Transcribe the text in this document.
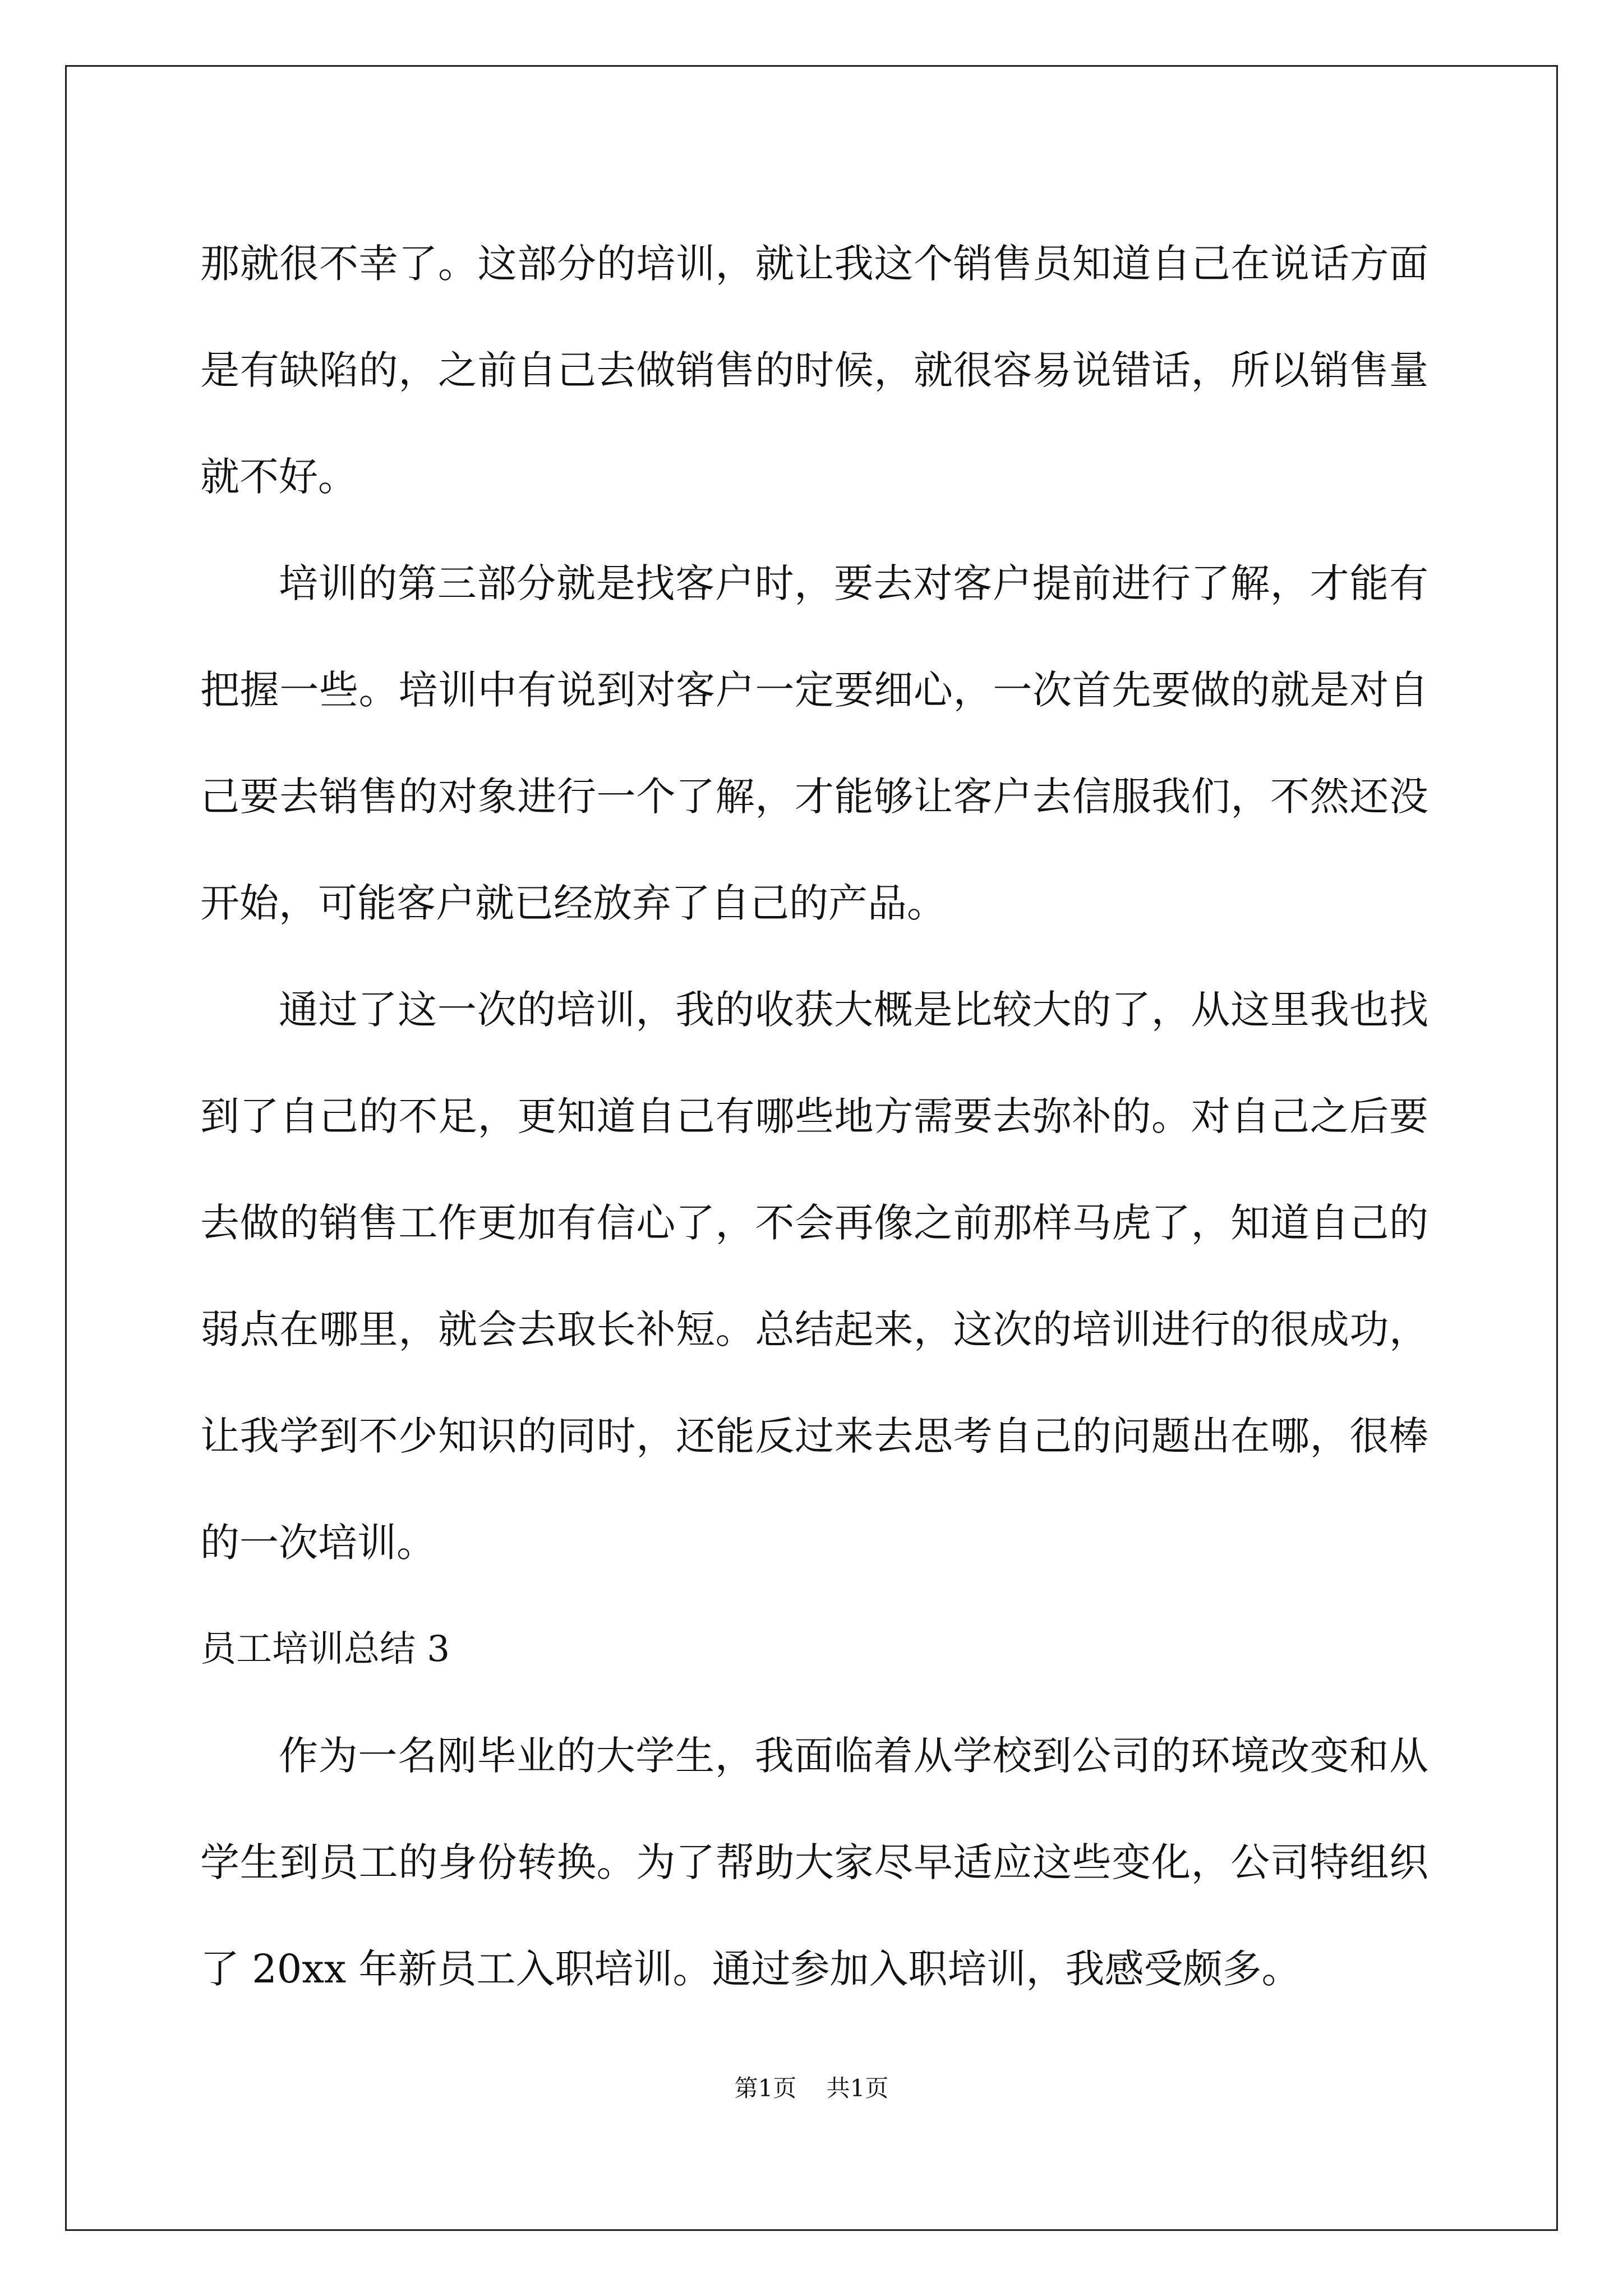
那就很不幸了。这部分的培训，就让我这个销售员知道自己在说话方面是有缺陷的，之前自己去做销售的时候，就很容易说错话，所以销售量就不好。

培训的第三部分就是找客户时，要去对客户提前进行了解，才能有把握一些。培训中有说到对客户一定要细心，一次首先要做的就是对自己要去销售的对象进行一个了解，才能够让客户去信服我们，不然还没开始，可能客户就已经放弃了自己的产品。

通过了这一次的培训，我的收获大概是比较大的了，从这里我也找到了自己的不足，更知道自己有哪些地方需要去弥补的。对自己之后要去做的销售工作更加有信心了，不会再像之前那样马虎了，知道自己的弱点在哪里，就会去取长补短。总结起来，这次的培训进行的很成功，让我学到不少知识的同时，还能反过来去思考自己的问题出在哪，很棒的一次培训。

员工培训总结 3

作为一名刚毕业的大学生，我面临着从学校到公司的环境改变和从学生到员工的身份转换。为了帮助大家尽早适应这些变化，公司特组织了 20xx 年新员工入职培训。通过参加入职培训，我感受颇多。

第1页    共1页
